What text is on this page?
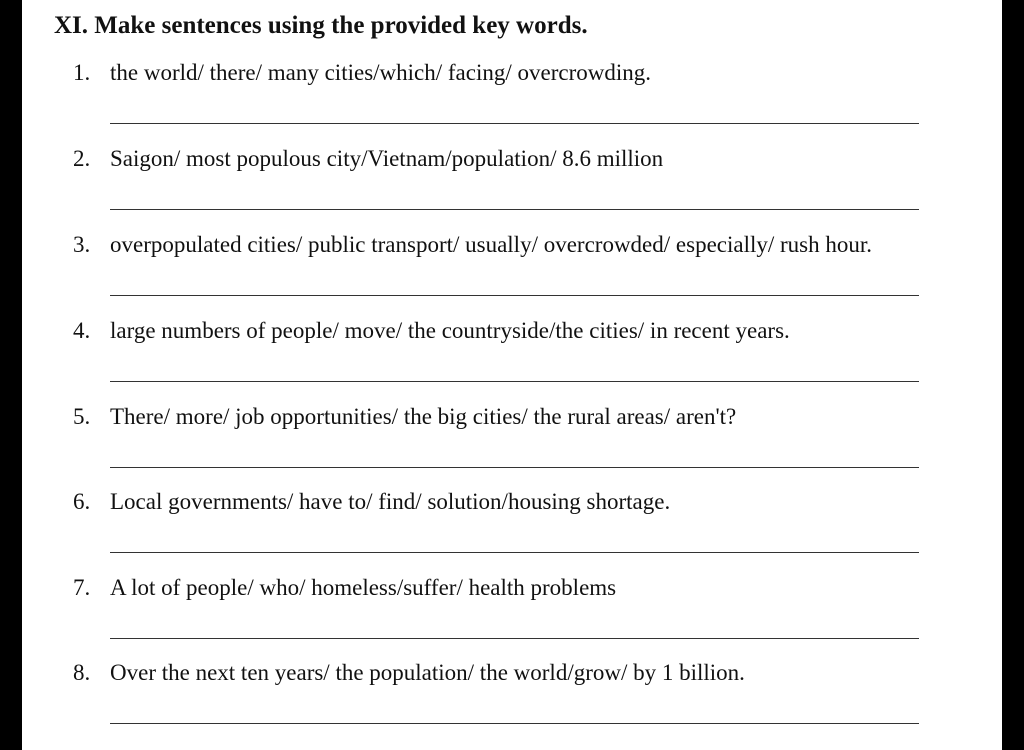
XI. Make sentences using the provided key words.
1. the world/ there/ many cities/which/ facing/ overcrowding.
2. Saigon/ most populous city/Vietnam/population/ 8.6 million
3. overpopulated cities/ public transport/ usually/ overcrowded/ especially/ rush hour.
4. large numbers of people/ move/ the countryside/the cities/ in recent years.
5. There/ more/ job opportunities/ the big cities/ the rural areas/ aren't?
6. Local governments/ have to/ find/ solution/housing shortage.
7. A lot of people/ who/ homeless/suffer/ health problems
8. Over the next ten years/ the population/ the world/grow/ by 1 billion.
